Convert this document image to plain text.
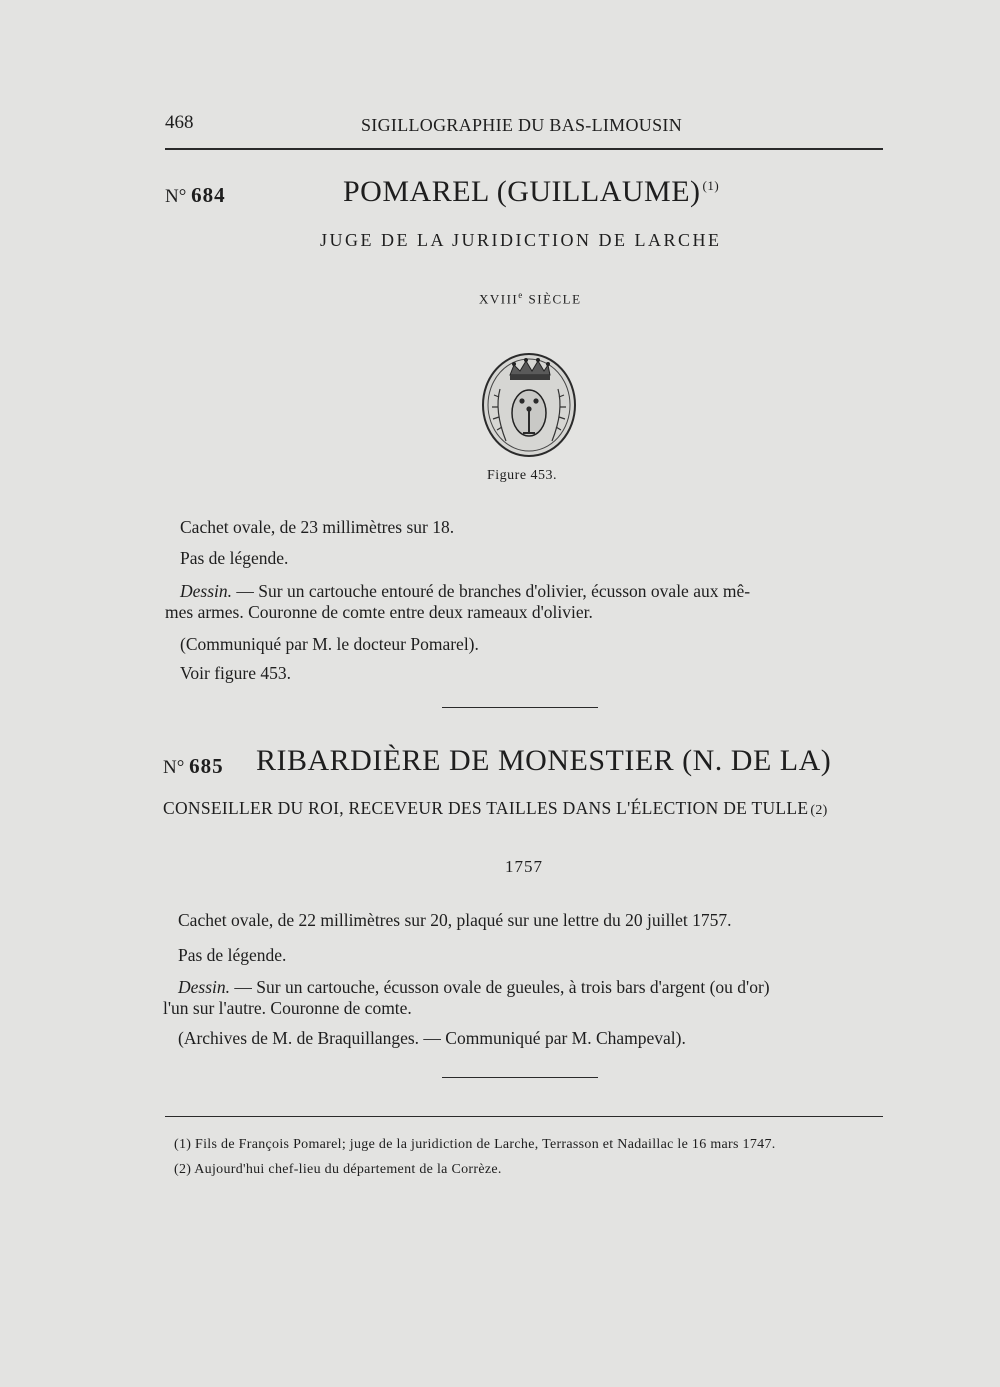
468	SIGILLOGRAPHIE DU BAS-LIMOUSIN
N° 684	POMAREL (GUILLAUME) $^{(1)}$
JUGE DE LA JURIDICTION DE LARCHE
XVIIIe SIÈCLE
Figure 453.
Cachet ovale, de 23 millimètres sur 18.
Pas de légende.
Dessin. — Sur un cartouche entouré de branches d'olivier, écusson ovale aux mê-
mes armes. Couronne de comte entre deux rameaux d'olivier.
(Communiqué par M. le docteur Pomarel).
Voir figure 453.
N° 685 RIBARDIÈRE DE MONESTIER (N. DE LA)
CONSEILLER DU ROI, RECEVEUR DES TAILLES DANS L'ÉLECTION DE TULLE (2)
1757
Cachet ovale, de 22 millimètres sur 20, plaqué sur une lettre du 20 juillet 1757.
Pas de légende.
Dessin. — Sur un cartouche, écusson ovale de gueules, à trois bars d'argent (ou d'or)
l'un sur l'autre. Couronne de comte.
(Archives de M. de Braquillanges. — Communiqué par M. Champeval).
(1) Fils de François Pomarel; juge de la juridiction de Larche, Terrasson et Nadaillac le 16 mars 1747.
(2) Aujourd'hui chef-lieu du département de la Corrèze.
